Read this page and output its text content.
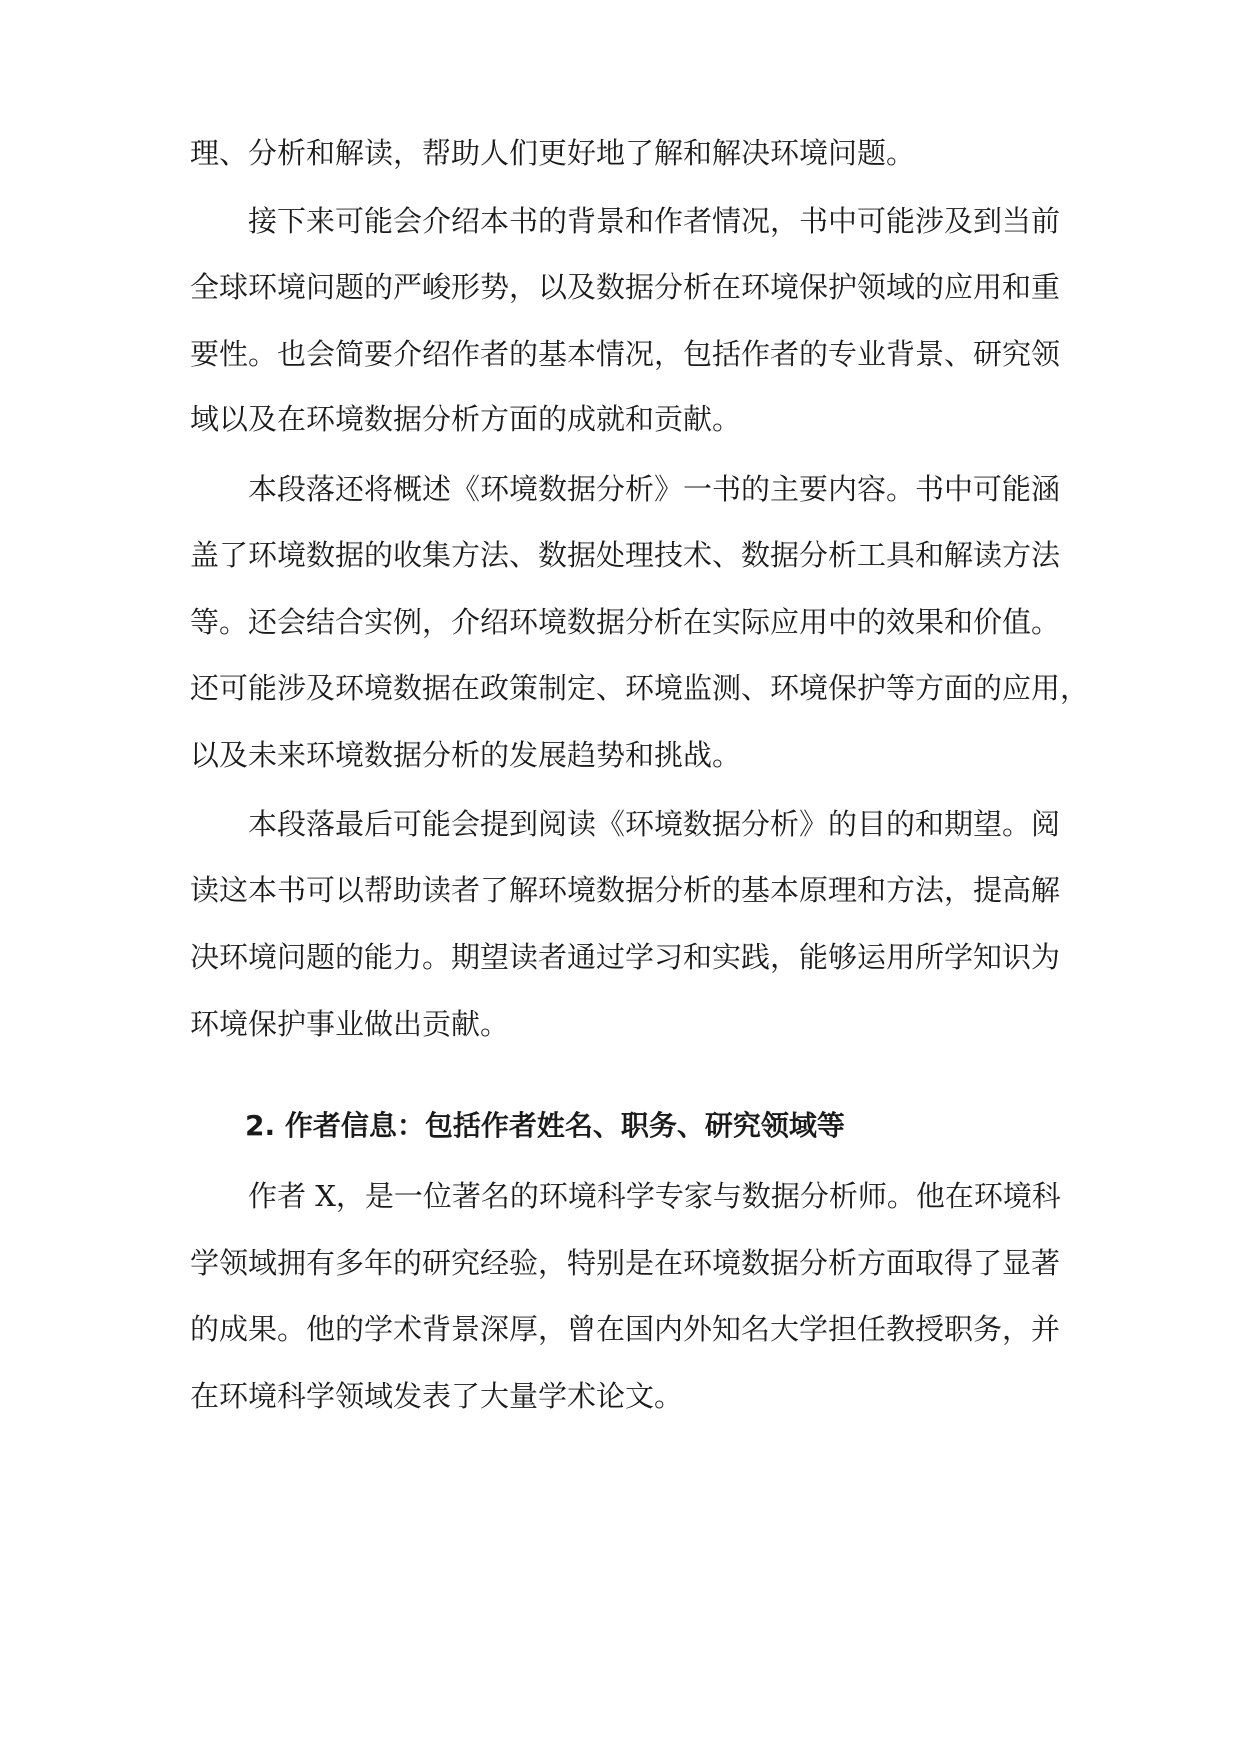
理、分析和解读，帮助人们更好地了解和解决环境问题。
接下来可能会介绍本书的背景和作者情况，书中可能涉及到当前
全球环境问题的严峻形势，以及数据分析在环境保护领域的应用和重
要性。也会简要介绍作者的基本情况，包括作者的专业背景、研究领
域以及在环境数据分析方面的成就和贡献。
本段落还将概述《环境数据分析》一书的主要内容。书中可能涵
盖了环境数据的收集方法、数据处理技术、数据分析工具和解读方法
等。还会结合实例，介绍环境数据分析在实际应用中的效果和价值。
还可能涉及环境数据在政策制定、环境监测、环境保护等方面的应用，
以及未来环境数据分析的发展趋势和挑战。
本段落最后可能会提到阅读《环境数据分析》的目的和期望。阅
读这本书可以帮助读者了解环境数据分析的基本原理和方法，提高解
决环境问题的能力。期望读者通过学习和实践，能够运用所学知识为
环境保护事业做出贡献。
2. 作者信息：包括作者姓名、职务、研究领域等
作者 X，是一位著名的环境科学专家与数据分析师。他在环境科
学领域拥有多年的研究经验，特别是在环境数据分析方面取得了显著
的成果。他的学术背景深厚，曾在国内外知名大学担任教授职务，并
在环境科学领域发表了大量学术论文。
